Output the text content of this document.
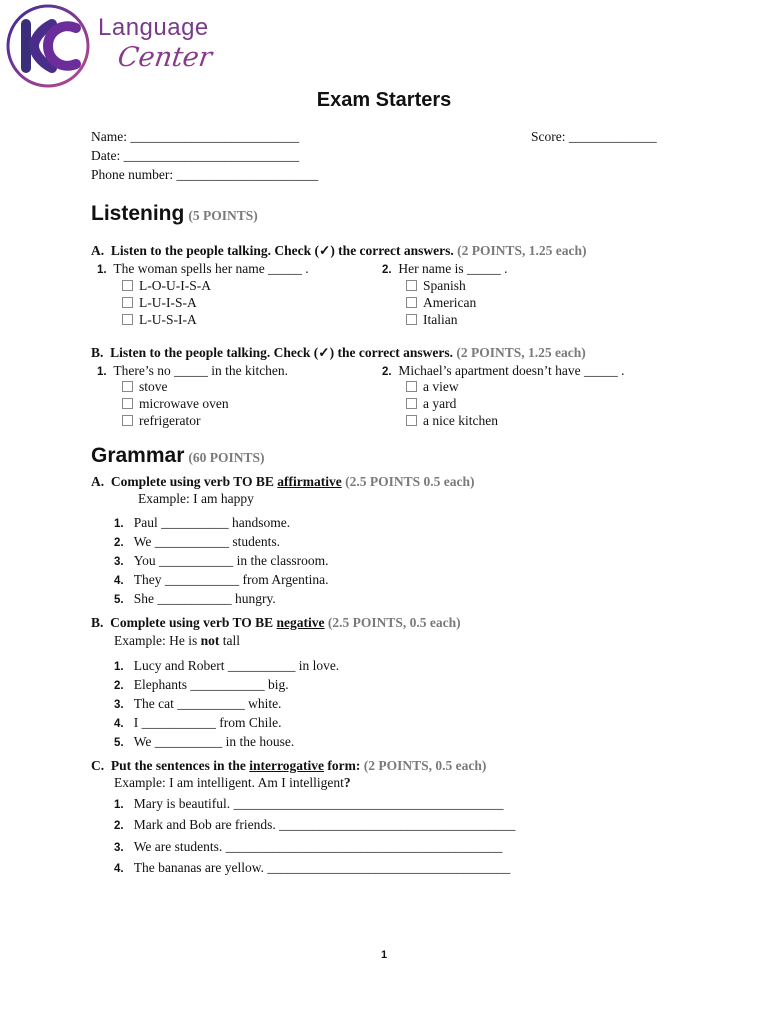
Language
Center
Exam Starters
Name: _________________________	Score: _____________
Date: __________________________
Phone number: _____________________
Listening (5 POINTS)
A. Listen to the people talking. Check (✓) the correct answers. (2 POINTS, 1.25 each)
1. The woman spells her name _____ .
L-O-U-I-S-A
L-U-I-S-A
L-U-S-I-A
2. Her name is _____ .
Spanish
American
Italian
B. Listen to the people talking. Check (✓) the correct answers. (2 POINTS, 1.25 each)
1. There’s no _____ in the kitchen.
stove
microwave oven
refrigerator
2. Michael’s apartment doesn’t have _____ .
a view
a yard
a nice kitchen
Grammar (60 POINTS)
A. Complete using verb TO BE affirmative (2.5 POINTS 0.5 each)
Example: I am happy
1. Paul __________ handsome.
2. We ___________ students.
3. You ___________ in the classroom.
4. They ___________ from Argentina.
5. She ___________ hungry.
B. Complete using verb TO BE negative (2.5 POINTS, 0.5 each)
Example: He is not tall
1. Lucy and Robert __________ in love.
2. Elephants ___________ big.
3. The cat __________ white.
4. I ___________ from Chile.
5. We __________ in the house.
C. Put the sentences in the interrogative form: (2 POINTS, 0.5 each)
Example: I am intelligent. Am I intelligent?
1. Mary is beautiful. ________________________________________
2. Mark and Bob are friends. ___________________________________
3. We are students. _________________________________________
4. The bananas are yellow. ____________________________________
1
